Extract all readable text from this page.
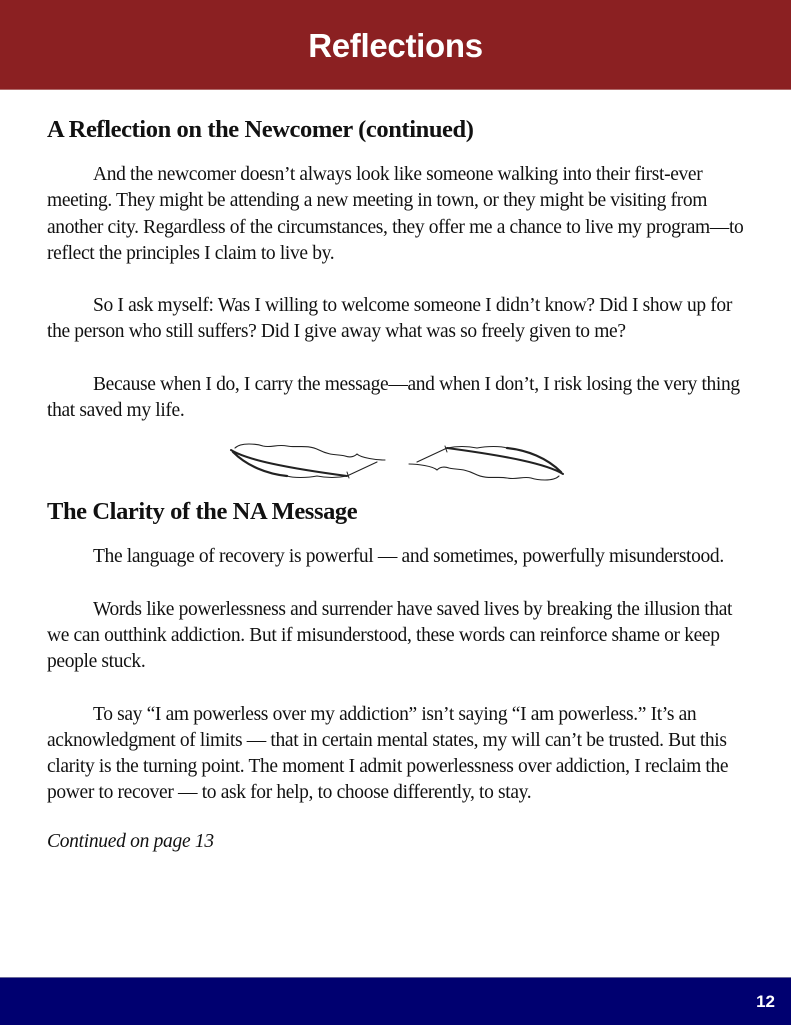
Reflections
A Reflection on the Newcomer (continued)

And the newcomer doesn’t always look like someone walking into their first-ever meeting. They might be attending a new meeting in town, or they might be visiting from another city. Regardless of the circumstances, they offer me a chance to live my program—to reflect the principles I claim to live by.

So I ask myself: Was I willing to welcome someone I didn’t know? Did I show up for the person who still suffers? Did I give away what was so freely given to me?

Because when I do, I carry the message—and when I don’t, I risk losing the very thing that saved my life.

The Clarity of the NA Message

The language of recovery is powerful — and sometimes, powerfully misunderstood.

Words like powerlessness and surrender have saved lives by breaking the illusion that we can outthink addiction. But if misunderstood, these words can reinforce shame or keep people stuck.

To say “I am powerless over my addiction” isn’t saying “I am powerless.” It’s an acknowledgment of limits — that in certain mental states, my will can’t be trusted. But this clarity is the turning point. The moment I admit powerlessness over addiction, I reclaim the power to recover — to ask for help, to choose differently, to stay.

Continued on page 13

12
